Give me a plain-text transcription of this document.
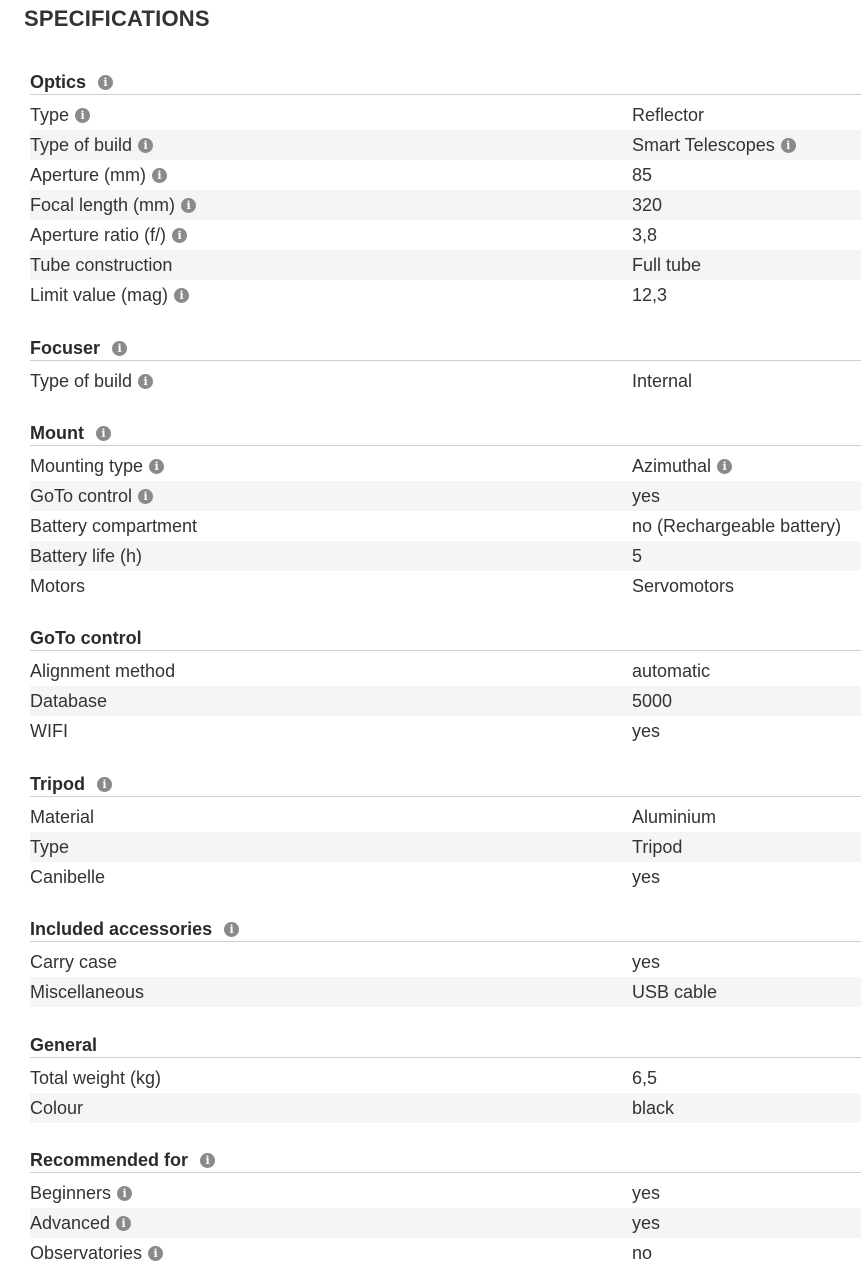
SPECIFICATIONS
Optics	i
Type	i	Reflector
Type of build	i	Smart Telescopes	i
Aperture (mm)	i	85
Focal length (mm)	i	320
Aperture ratio (f/)	i	3,8
Tube construction	Full tube
Limit value (mag)	i	12,3
Focuser	i
Type of build	i	Internal
Mount	i
Mounting type	i	Azimuthal	i
GoTo control	i	yes
Battery compartment	no (Rechargeable battery)
Battery life (h)	5
Motors	Servomotors
GoTo control
Alignment method	automatic
Database	5000
WIFI	yes
Tripod	i
Material	Aluminium
Type	Tripod
Canibelle	yes
Included accessories	i
Carry case	yes
Miscellaneous	USB cable
General
Total weight (kg)	6,5
Colour	black
Recommended for	i
Beginners	i	yes
Advanced	i	yes
Observatories	i	no
